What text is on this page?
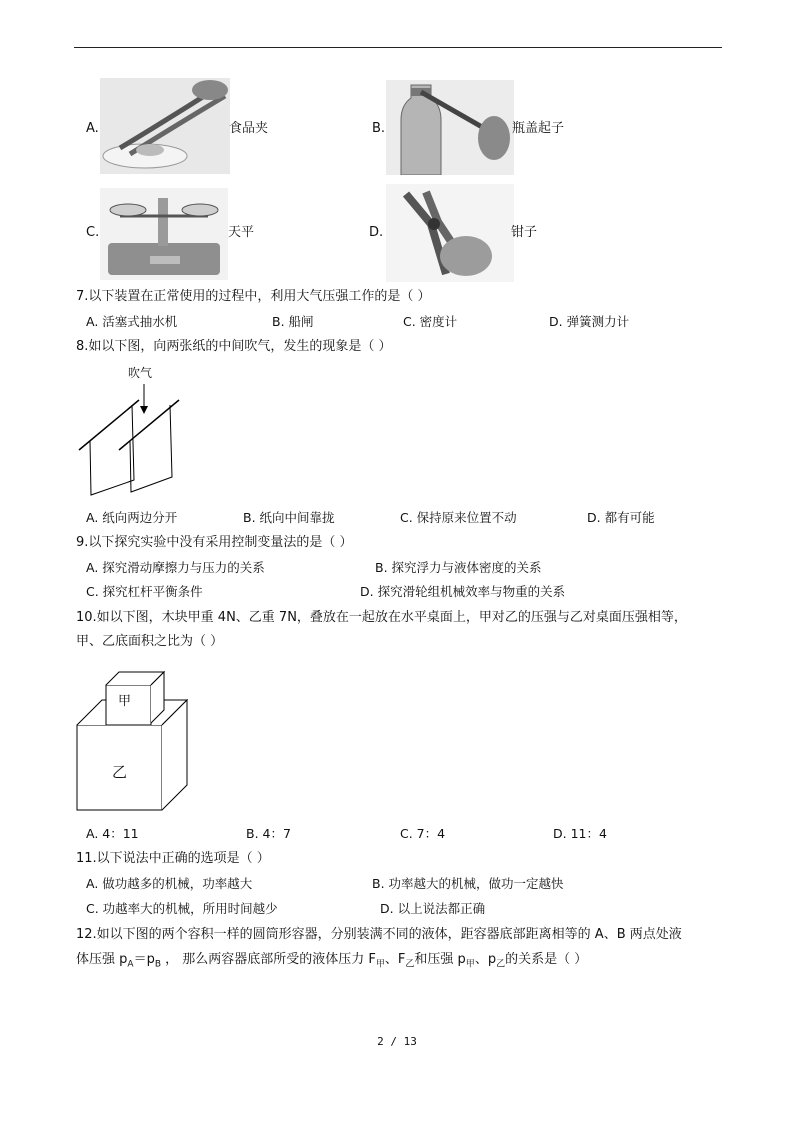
A.	食品夹	B.	瓶盖起子
C.	天平	D.	钳子
7.以下装置在正常使用的过程中，利用大气压强工作的是（ ）
A. 活塞式抽水机	B. 船闸	C. 密度计	D. 弹簧测力计
8.如以下图，向两张纸的中间吹气，发生的现象是（ ）
吹气
A. 纸向两边分开	B. 纸向中间靠拢	C. 保持原来位置不动	D. 都有可能
9.以下探究实验中没有采用控制变量法的是（ ）
A. 探究滑动摩擦力与压力的关系	B. 探究浮力与液体密度的关系
C. 探究杠杆平衡条件	D. 探究滑轮组机械效率与物重的关系
10.如以下图，木块甲重 4N、乙重 7N，叠放在一起放在水平桌面上，甲对乙的压强与乙对桌面压强相等，
甲、乙底面积之比为（ ）
甲
乙
A. 4：11	B. 4：7	C. 7：4	D. 11：4
11.以下说法中正确的选项是（ ）
A. 做功越多的机械，功率越大	B. 功率越大的机械，做功一定越快
C. 功越率大的机械，所用时间越少	D. 以上说法都正确
12.如以下图的两个容积一样的圆筒形容器，分别装满不同的液体，距容器底部距离相等的 A、B 两点处液
体压强 $p_A=p_B$ ， 那么两容器底部所受的液体压力 $F_甲$、$F_乙$和压强 $p_甲$、$p_乙$的关系是（ ）
2 / 13
